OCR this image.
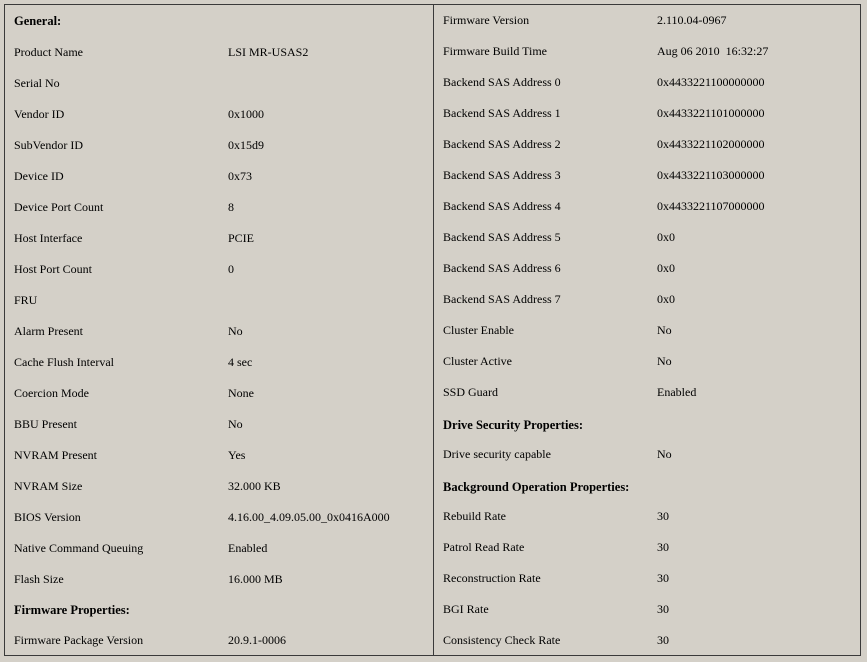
General:
Product Name	LSI MR-USAS2
Serial No
Vendor ID	0x1000
SubVendor ID	0x15d9
Device ID	0x73
Device Port Count	8
Host Interface	PCIE
Host Port Count	0
FRU
Alarm Present	No
Cache Flush Interval	4 sec
Coercion Mode	None
BBU Present	No
NVRAM Present	Yes
NVRAM Size	32.000 KB
BIOS Version	4.16.00_4.09.05.00_0x0416A000
Native Command Queuing	Enabled
Flash Size	16.000 MB
Firmware Properties:
Firmware Package Version	20.9.1-0006
Firmware Version	2.110.04-0967
Firmware Build Time	Aug 06 2010  16:32:27
Backend SAS Address 0	0x4433221100000000
Backend SAS Address 1	0x4433221101000000
Backend SAS Address 2	0x4433221102000000
Backend SAS Address 3	0x4433221103000000
Backend SAS Address 4	0x4433221107000000
Backend SAS Address 5	0x0
Backend SAS Address 6	0x0
Backend SAS Address 7	0x0
Cluster Enable	No
Cluster Active	No
SSD Guard	Enabled
Drive Security Properties:
Drive security capable	No
Background Operation Properties:
Rebuild Rate	30
Patrol Read Rate	30
Reconstruction Rate	30
BGI Rate	30
Consistency Check Rate	30
